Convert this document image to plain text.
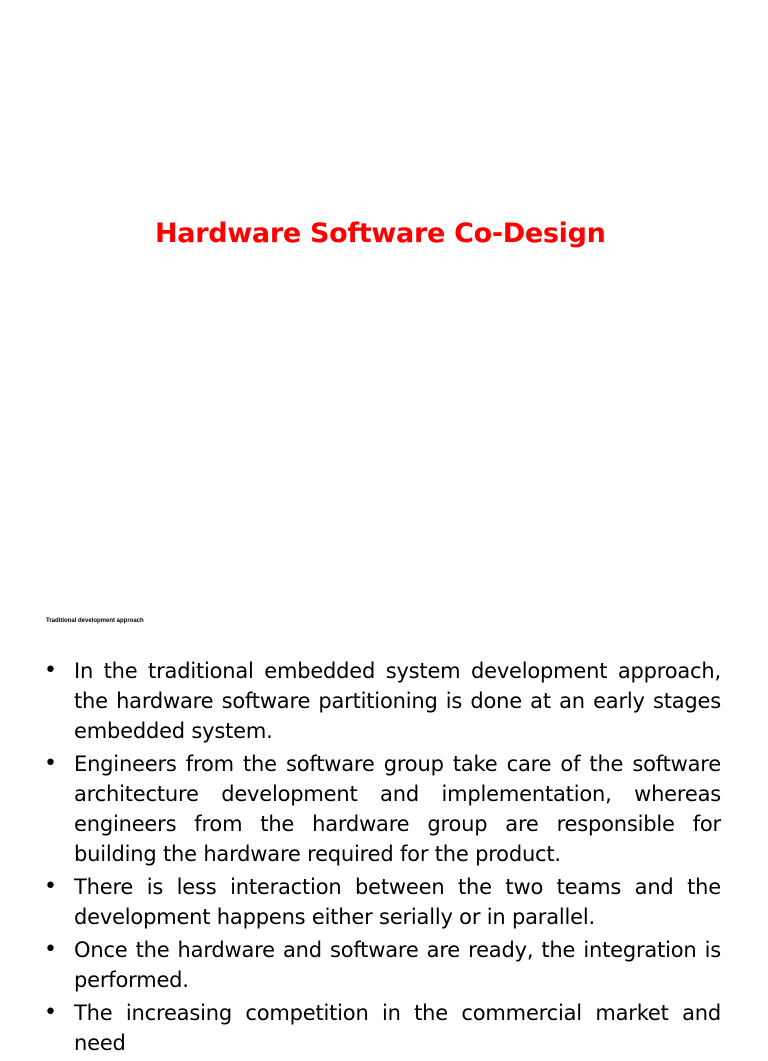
Hardware Software Co-Design
Traditional development approach
• In the traditional embedded system development approach, the hardware software partitioning is done at an early stages embedded system.
• Engineers from the software group take care of the software architecture development and implementation, whereas engineers from the hardware group are responsible for building the hardware required for the product.
• There is less interaction between the two teams and the development happens either serially or in parallel.
• Once the hardware and software are ready, the integration is performed.
• The increasing competition in the commercial market and need
